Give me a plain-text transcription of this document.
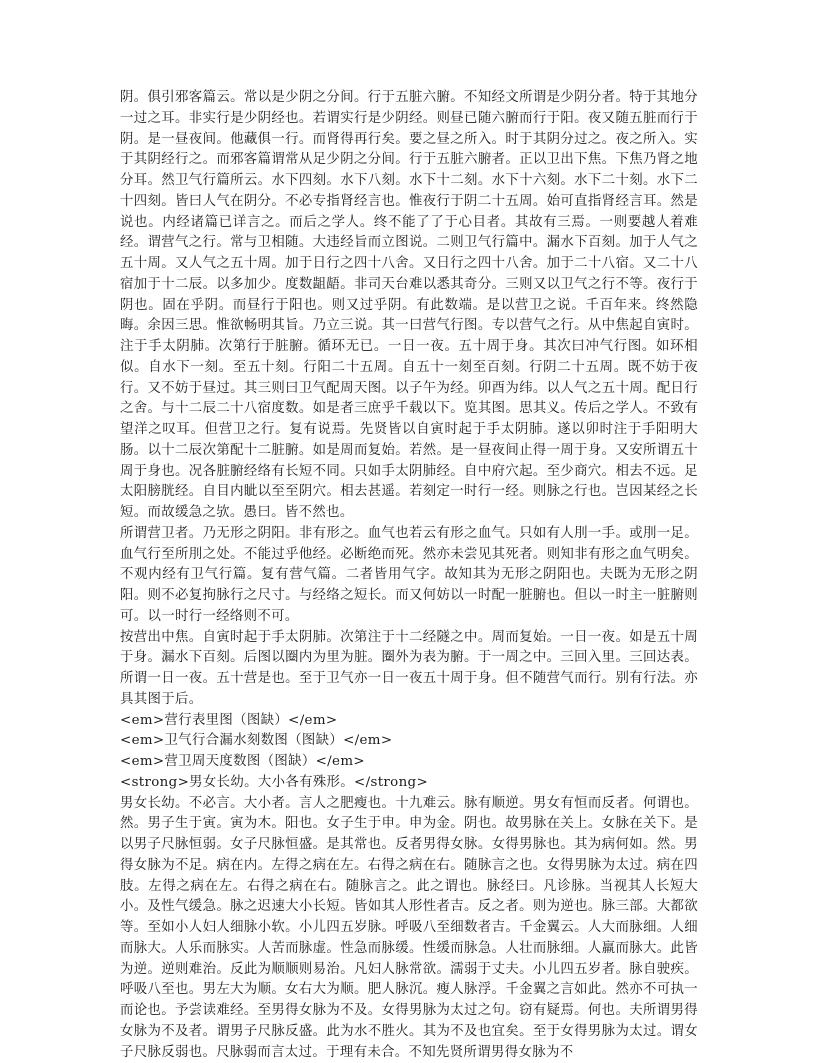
阴。俱引邪客篇云。常以是少阴之分间。行于五脏六腑。不知经文所谓是少阴分者。特于其地分一过之耳。非实行是少阴经也。若谓实行是少阴经。则昼已随六腑而行于阳。夜又随五脏而行于阴。是一昼夜间。他藏俱一行。而肾得再行矣。要之昼之所入。时于其阴分过之。夜之所入。实于其阴经行之。而邪客篇谓常从足少阴之分间。行于五脏六腑者。正以卫出下焦。下焦乃肾之地分耳。然卫气行篇所云。水下四刻。水下八刻。水下十二刻。水下十六刻。水下二十刻。水下二十四刻。皆曰人气在阴分。不必专指肾经言也。惟夜行于阴二十五周。始可直指肾经言耳。然是说也。内经诸篇已详言之。而后之学人。终不能了了于心目者。其故有三焉。一则要越人着难经。谓营气之行。常与卫相随。大违经旨而立图说。二则卫气行篇中。漏水下百刻。加于人气之五十周。又人气之五十周。加于日行之四十八舍。又日行之四十八舍。加于二十八宿。又二十八宿加于十二辰。以多加少。度数龃龉。非司天台难以悉其奇分。三则又以卫气之行不等。夜行于阴也。固在乎阴。而昼行于阳也。则又过乎阴。有此数端。是以营卫之说。千百年来。终然隐晦。余因三思。惟欲畅明其旨。乃立三说。其一曰营气行图。专以营气之行。从中焦起自寅时。注于手太阴肺。次第行于脏腑。循环无已。一日一夜。五十周于身。其次曰冲气行图。如环相似。自水下一刻。至五十刻。行阳二十五周。自五十一刻至百刻。行阴二十五周。既不妨于夜行。又不妨于昼过。其三则曰卫气配周天图。以子午为经。卯酉为纬。以人气之五十周。配日行之舍。与十二辰二十八宿度数。如是者三庶乎千载以下。览其图。思其义。传后之学人。不致有望洋之叹耳。但营卫之行。复有说焉。先贤皆以自寅时起于手太阴肺。遂以卯时注于手阳明大肠。以十二辰次第配十二脏腑。如是周而复始。若然。是一昼夜间止得一周于身。又安所谓五十周于身也。况各脏腑经络有长短不同。只如手太阴肺经。自中府穴起。至少商穴。相去不远。足太阳膀胱经。自目内眦以至至阴穴。相去甚遥。若刻定一时行一经。则脉之行也。岂因某经之长短。而故缓急之欤。愚曰。皆不然也。

所谓营卫者。乃无形之阴阳。非有形之。血气也若云有形之血气。只如有人刖一手。或刖一足。血气行至所刖之处。不能过乎他经。必断绝而死。然亦未尝见其死者。则知非有形之血气明矣。不观内经有卫气行篇。复有营气篇。二者皆用气字。故知其为无形之阴阳也。夫既为无形之阴阳。则不必复拘脉行之尺寸。与经络之短长。而又何妨以一时配一脏腑也。但以一时主一脏腑则可。以一时行一经络则不可。

按营出中焦。自寅时起于手太阴肺。次第注于十二经隧之中。周而复始。一日一夜。如是五十周于身。漏水下百刻。后图以圈内为里为脏。圈外为表为腑。于一周之中。三回入里。三回达表。所谓一日一夜。五十营是也。至于卫气亦一日一夜五十周于身。但不随营气而行。别有行法。亦具其图于后。

<em>营行表里图（图缺）</em>

<em>卫气行合漏水刻数图（图缺）</em>

<em>营卫周天度数图（图缺）</em>

<strong>男女长幼。大小各有殊形。</strong>

男女长幼。不必言。大小者。言人之肥瘦也。十九难云。脉有顺逆。男女有恒而反者。何谓也。然。男子生于寅。寅为木。阳也。女子生于申。申为金。阴也。故男脉在关上。女脉在关下。是以男子尺脉恒弱。女子尺脉恒盛。是其常也。反者男得女脉。女得男脉也。其为病何如。然。男得女脉为不足。病在内。左得之病在左。右得之病在右。随脉言之也。女得男脉为太过。病在四肢。左得之病在左。右得之病在右。随脉言之。此之谓也。脉经曰。凡诊脉。当视其人长短大小。及性气缓急。脉之迟速大小长短。皆如其人形性者吉。反之者。则为逆也。脉三部。大都欲等。至如小人妇人细脉小软。小儿四五岁脉。呼吸八至细数者吉。千金翼云。人大而脉细。人细而脉大。人乐而脉实。人苦而脉虚。性急而脉缓。性缓而脉急。人壮而脉细。人羸而脉大。此皆为逆。逆则难治。反此为顺顺则易治。凡妇人脉常欲。濡弱于丈夫。小儿四五岁者。脉自驶疾。呼吸八至也。男左大为顺。女右大为顺。肥人脉沉。瘦人脉浮。千金翼之言如此。然亦不可执一而论也。予尝读难经。至男得女脉为不及。女得男脉为太过之句。窃有疑焉。何也。夫所谓男得女脉为不及者。谓男子尺脉反盛。此为水不胜火。其为不及也宜矣。至于女得男脉为太过。谓女子尺脉反弱也。尺脉弱而言太过。于理有未合。不知先贤所谓男得女脉为不
